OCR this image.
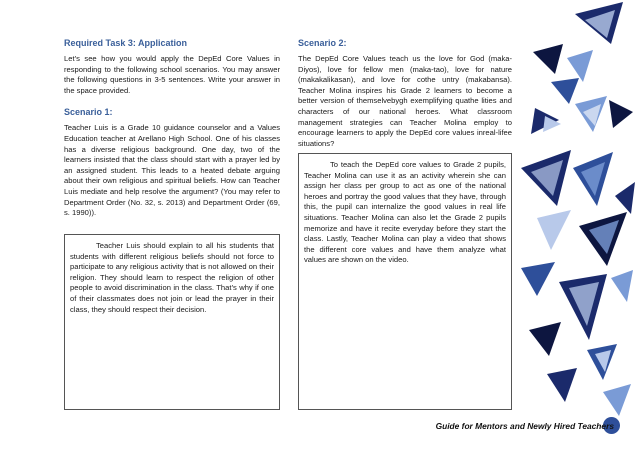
Required Task 3: Application

Let’s see how you would apply the DepEd Core Values in responding to the following school scenarios. You may answer the following questions in 3-5 sentences. Write your answer in the space provided.

Scenario 1:

Teacher Luis is a Grade 10 guidance counselor and a Values Education teacher at Arellano High School. One of his classes has a diverse religious background. One day, two of the learners insisted that the class should start with a prayer led by an assigned student. This leads to a heated debate arguing about their own religious and spiritual beliefs. How can Teacher Luis mediate and help resolve the argument? (You may refer to Department Order (No. 32, s. 2013) and Department Order (69, s. 1990)).

Teacher Luis should explain to all his students that students with different religious beliefs should not force to participate to any religious activity that is not allowed on their religion. They should learn to respect the religion of other people to avoid discrimination in the class. That’s why if one of their classmates does not join or lead the prayer in their class, they should respect their decision.

Scenario 2:

The DepEd Core Values teach us the love for God (maka-Diyos), love for fellow men (maka-tao), love for nature (makakalikasan), and love for cothe untry (makabansa). Teacher Molina inspires his Grade 2 learners to become a better version of themselvebygh exemplifying quathe lities and characters of our national heroes. What classroom management strategies can Teacher Molina employ to encourage learners to apply the DepEd core values inreal-lifee situations?

To teach the DepEd core values to Grade 2 pupils, Teacher Molina can use it as an activity wherein she can assign her class per group to act as one of the national heroes and portray the good values that they have, through this, the pupil can internalize the good values in real life situations. Teacher Molina can also let the Grade 2 pupils memorize and have it recite everyday before they start the class. Lastly, Teacher Molina can play a video that shows the different core values and have them analyze what values are shown on the video.
Guide for Mentors and Newly Hired Teachers
